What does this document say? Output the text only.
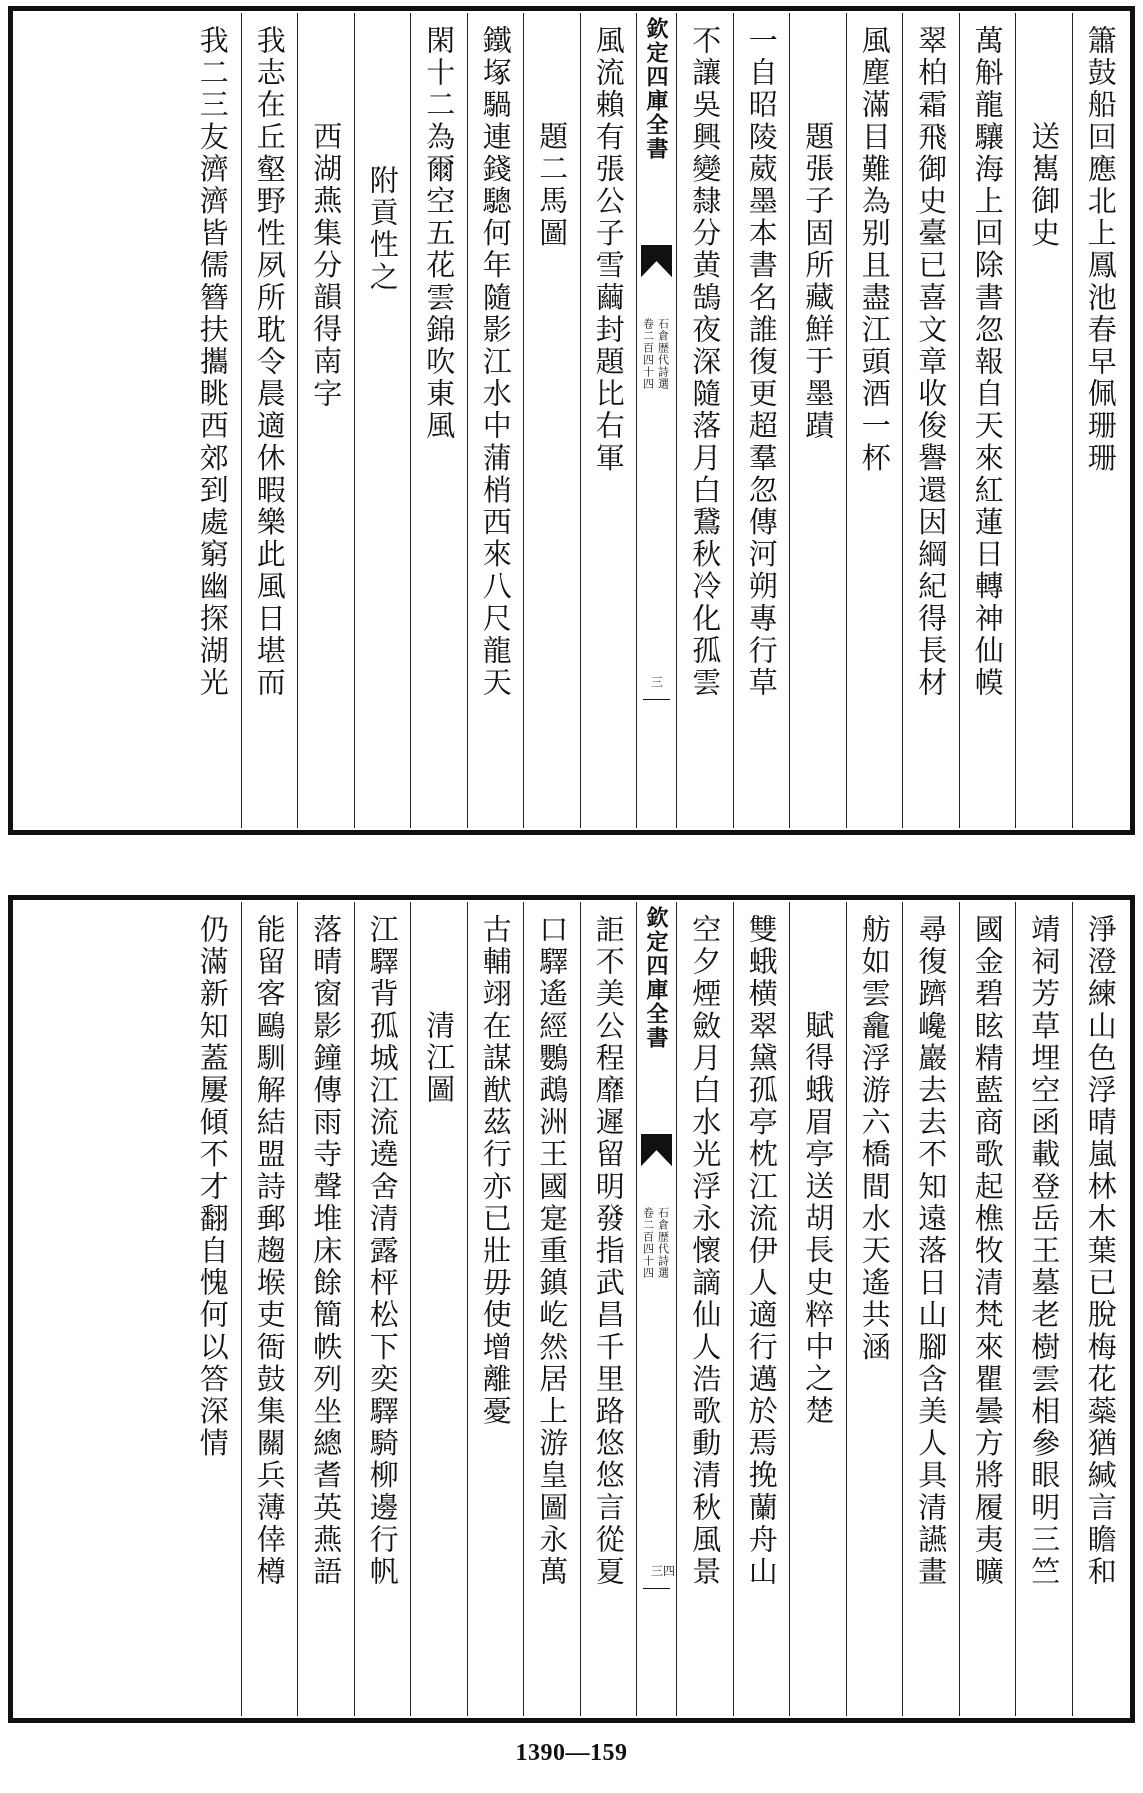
簫鼓船回應北上鳳池春早佩珊珊
送嶲御史
萬斛龍驤海上回除書忽報自天來紅蓮日轉神仙幙
翠柏霜飛御史臺已喜文章收俊譽還因綱紀得長材
風塵滿目難為别且盡江頭酒一杯
題張子固所藏鮮于墨蹟
一自昭陵葳墨本書名誰復更超羣忽傳河朔專行草
不讓吳興變隸分黄鵠夜深隨落月白鵞秋冷化孤雲
欽定四庫全書
石倉歴代詩選
卷二百四十四
三
風流賴有張公子雪繭封題比右軍
題二馬圖
鐵塚騧連錢驄何年隨影江水中蒲梢西來八尺龍天
閑十二為爾空五花雲錦吹東風
附貢性之
西湖燕集分韻得南字
我志在丘壑野性夙所耽令晨適休暇樂此風日堪而
我二三友濟濟皆儒簪扶攜眺西郊到處窮幽探湖光
淨澄練山色浮晴嵐林木葉已脫梅花蘂猶緘言瞻和
靖祠芳草埋空函載登岳王墓老樹雲相參眼明三竺
國金碧眩精藍商歌起樵牧清梵來瞿曇方將履夷曠
尋復躋巉巖去去不知遠落日山腳含美人具清讌畫
舫如雲龕浮游六橋間水天遙共涵
賦得蛾眉亭送胡長史粹中之楚
雙蛾横翠黛孤亭枕江流伊人適行邁於焉挽蘭舟山
空夕煙斂月白水光浮永懷謫仙人浩歌動清秋風景
欽定四庫全書
石倉歴代詩選
卷二百四十四
三四
詎不美公程靡遲留明發指武昌千里路悠悠言從夏
口驛遙經鸚鵡洲王國寔重鎮屹然居上游皇圖永萬
古輔翊在謀猷茲行亦已壯毋使增離憂
清江圖
江驛背孤城江流遶舍清露枰松下奕驛騎柳邊行帆
落晴窗影鐘傳雨寺聲堆床餘簡帙列坐總耆英燕語
能留客鷗馴解結盟詩郵趨堠吏衙鼓集關兵薄倖樽
仍滿新知蓋屢傾不才翻自愧何以答深情
1390—159
